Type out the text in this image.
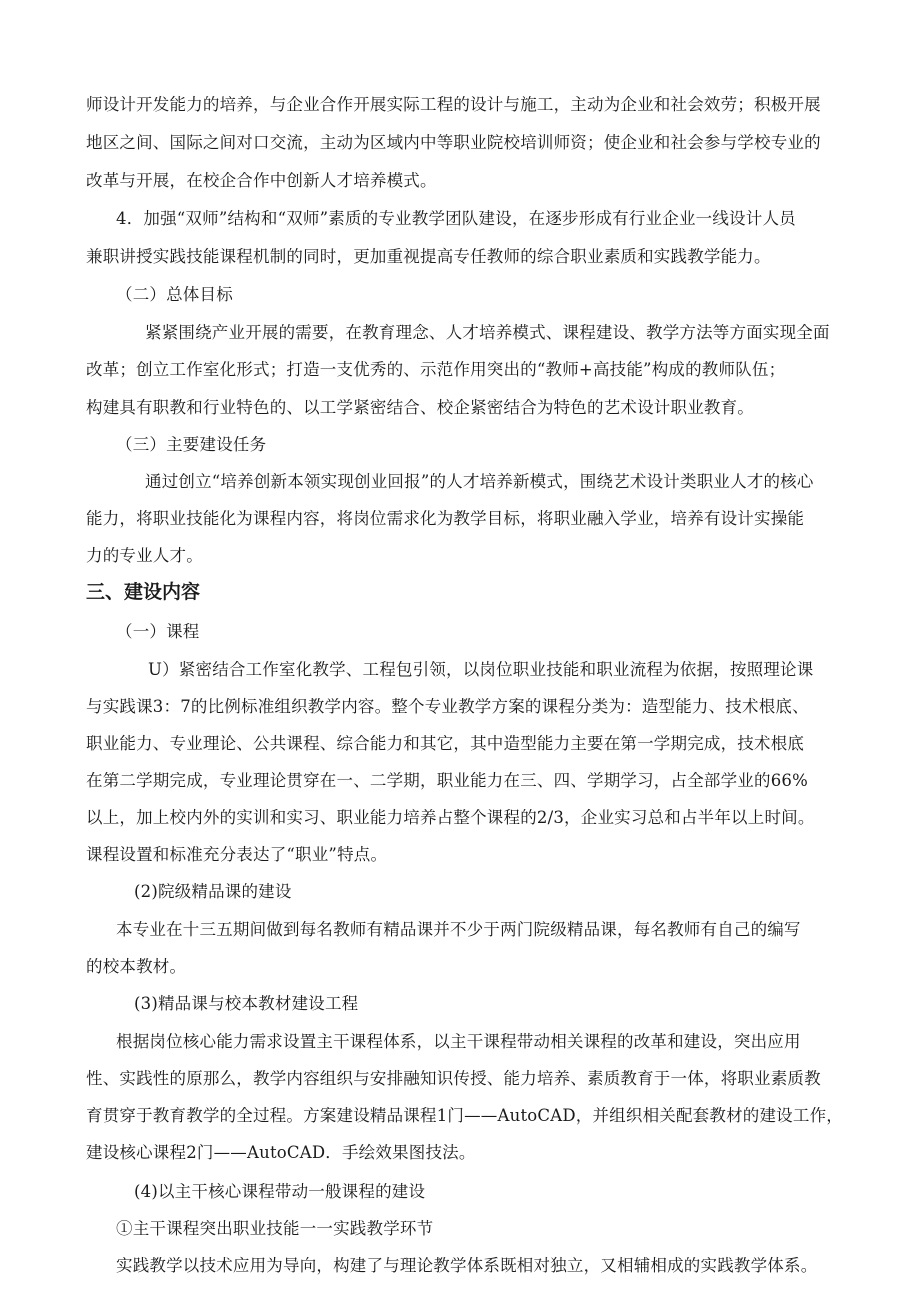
师设计开发能力的培养，与企业合作开展实际工程的设计与施工，主动为企业和社会效劳；积极开展

地区之间、国际之间对口交流，主动为区域内中等职业院校培训师资；使企业和社会参与学校专业的

改革与开展，在校企合作中创新人才培养模式。

4．加强“双师”结构和“双师”素质的专业教学团队建设，在逐步形成有行业企业一线设计人员

兼职讲授实践技能课程机制的同时，更加重视提高专任教师的综合职业素质和实践教学能力。

（二）总体目标

紧紧围绕产业开展的需要，在教育理念、人才培养模式、课程建设、教学方法等方面实现全面

改革；创立工作室化形式；打造一支优秀的、示范作用突出的“教师+高技能”构成的教师队伍；

构建具有职教和行业特色的、以工学紧密结合、校企紧密结合为特色的艺术设计职业教育。

（三）主要建设任务

通过创立“培养创新本领实现创业回报”的人才培养新模式，围绕艺术设计类职业人才的核心

能力，将职业技能化为课程内容，将岗位需求化为教学目标，将职业融入学业，培养有设计实操能

力的专业人才。

三、建设内容

（一）课程

U）紧密结合工作室化教学、工程包引领，以岗位职业技能和职业流程为依据，按照理论课

与实践课3：7的比例标准组织教学内容。整个专业教学方案的课程分类为：造型能力、技术根底、

职业能力、专业理论、公共课程、综合能力和其它，其中造型能力主要在第一学期完成，技术根底

在第二学期完成，专业理论贯穿在一、二学期，职业能力在三、四、学期学习，占全部学业的66%

以上，加上校内外的实训和实习、职业能力培养占整个课程的2/3，企业实习总和占半年以上时间。

课程设置和标准充分表达了“职业”特点。

(2)院级精品课的建设

本专业在十三五期间做到每名教师有精品课并不少于两门院级精品课，每名教师有自己的编写

的校本教材。

(3)精品课与校本教材建设工程

根据岗位核心能力需求设置主干课程体系，以主干课程带动相关课程的改革和建设，突出应用

性、实践性的原那么，教学内容组织与安排融知识传授、能力培养、素质教育于一体，将职业素质教

育贯穿于教育教学的全过程。方案建设精品课程1门——AutoCAD，并组织相关配套教材的建设工作，

建设核心课程2门——AutoCAD．手绘效果图技法。

(4)以主干核心课程带动一般课程的建设

①主干课程突出职业技能一一实践教学环节

实践教学以技术应用为导向，构建了与理论教学体系既相对独立，又相辅相成的实践教学体系。
